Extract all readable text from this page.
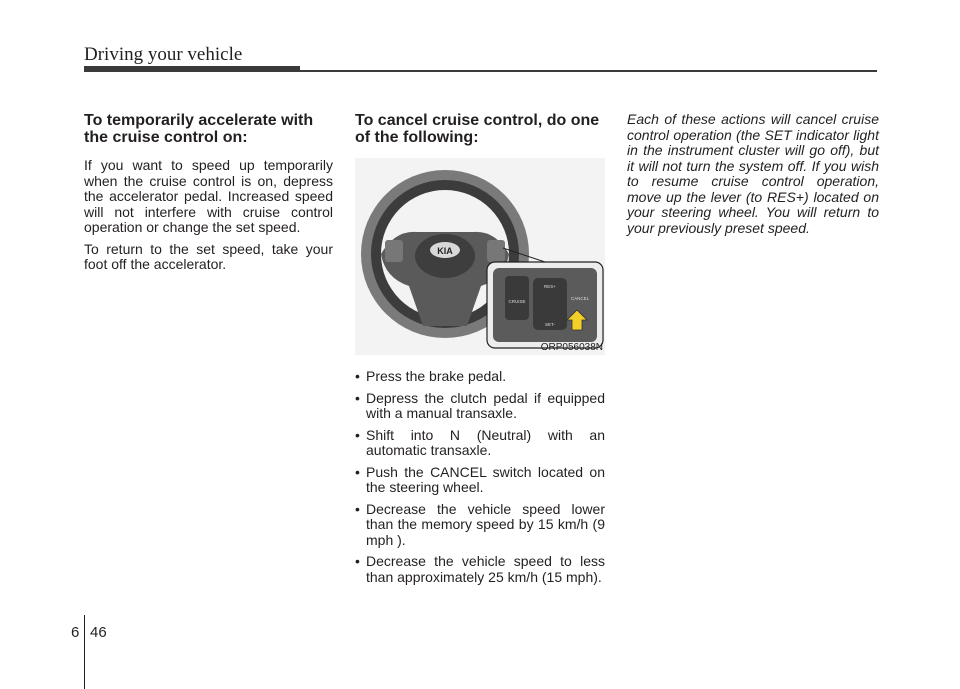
Driving your vehicle
To temporarily accelerate with the cruise control on:

If you want to speed up temporarily when the cruise control is on, depress the accelerator pedal. Increased speed will not interfere with cruise control operation or change the set speed.

To return to the set speed, take your foot off the accelerator.

To cancel cruise control, do one of the following:
KIA
CRUISE
RES+
SET-
CANCEL
ORP056038N
• Press the brake pedal.
• Depress the clutch pedal if equipped with a manual transaxle.
• Shift into N (Neutral) with an automatic transaxle.
• Push the CANCEL switch located on the steering wheel.
• Decrease the vehicle speed lower than the memory speed by 15 km/h (9 mph ).
• Decrease the vehicle speed to less than approximately 25 km/h (15 mph).

Each of these actions will cancel cruise control operation (the SET indicator light in the instrument cluster will go off), but it will not turn the system off. If you wish to resume cruise control operation, move up the lever (to RES+) located on your steering wheel. You will return to your previously preset speed.

6 46
